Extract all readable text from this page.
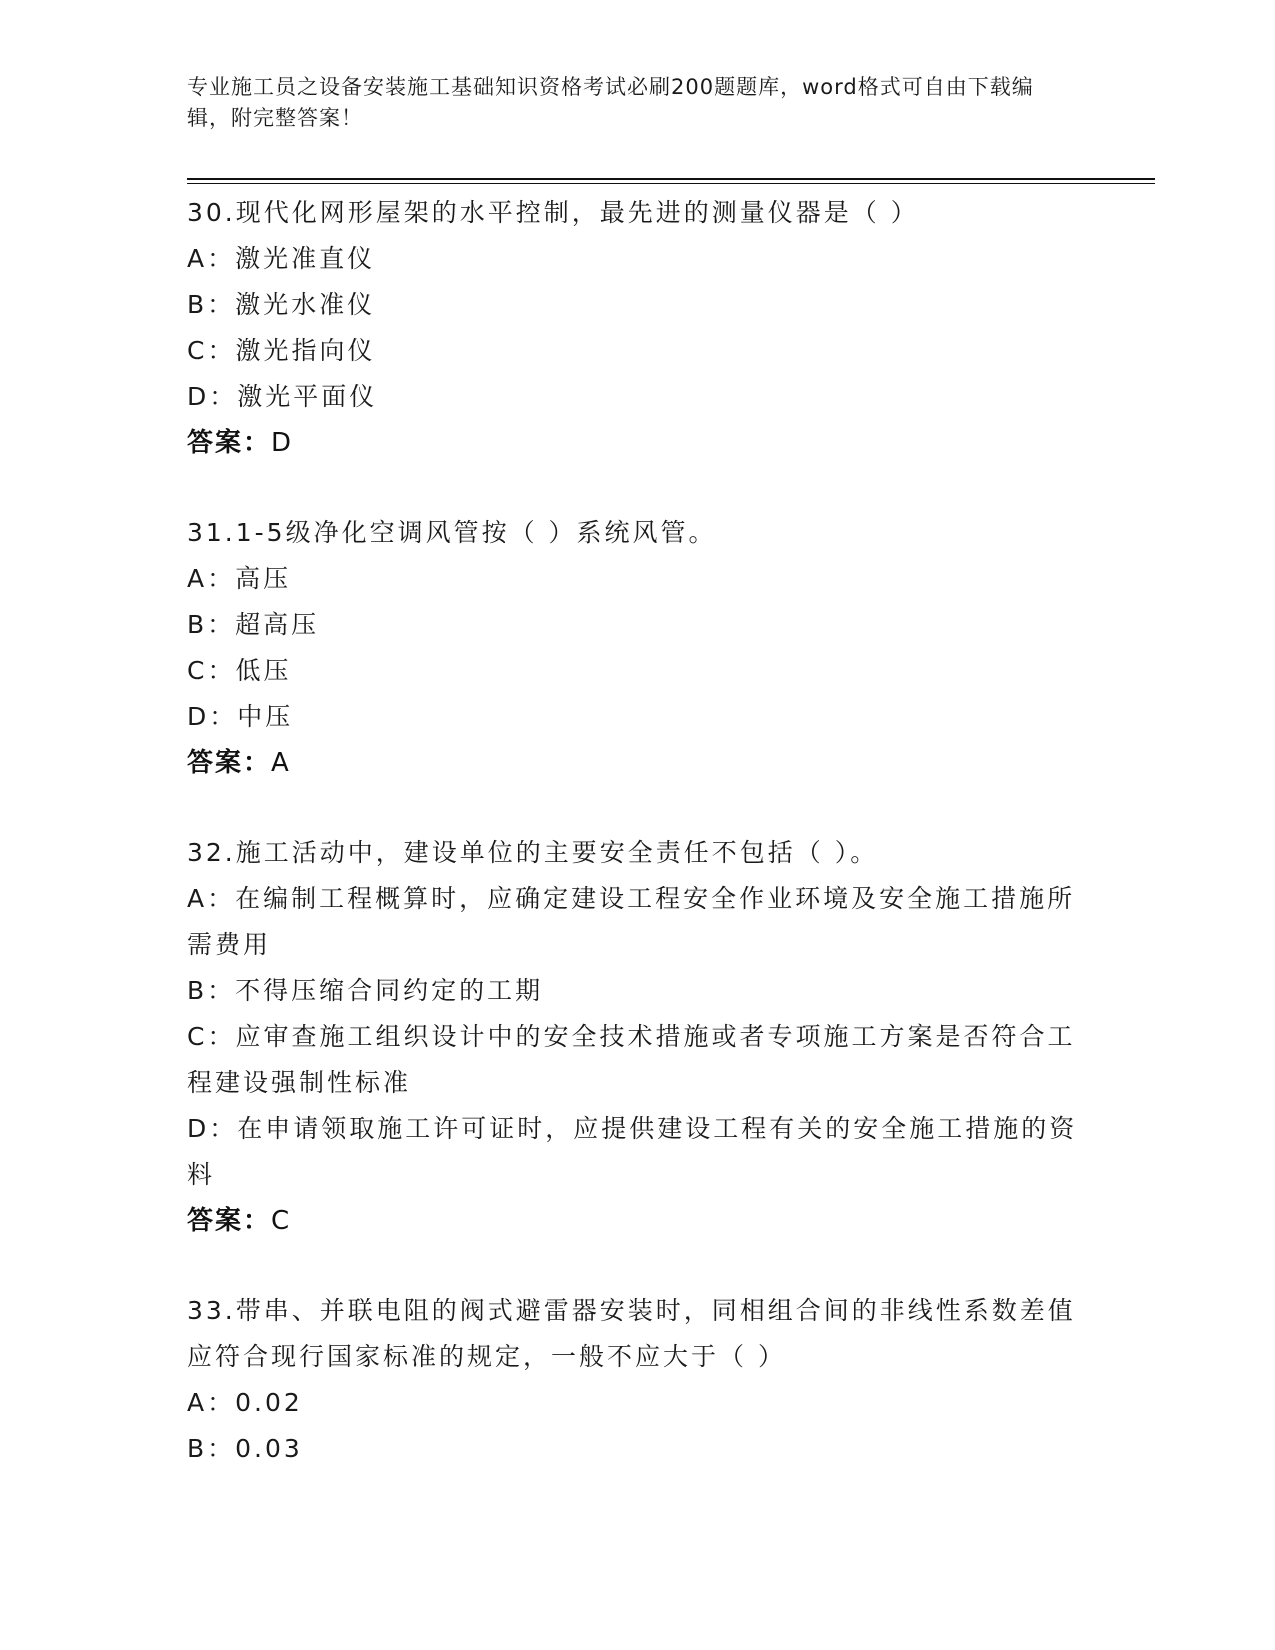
专业施工员之设备安装施工基础知识资格考试必刷200题题库，word格式可自由下载编辑，附完整答案！
30.现代化网形屋架的水平控制，最先进的测量仪器是（ ）
A：激光准直仪
B：激光水准仪
C：激光指向仪
D：激光平面仪
答案：D
31.1-5级净化空调风管按（ ）系统风管。
A：高压
B：超高压
C：低压
D：中压
答案：A
32.施工活动中，建设单位的主要安全责任不包括（ ）。
A：在编制工程概算时，应确定建设工程安全作业环境及安全施工措施所需费用
B：不得压缩合同约定的工期
C：应审查施工组织设计中的安全技术措施或者专项施工方案是否符合工程建设强制性标准
D：在申请领取施工许可证时，应提供建设工程有关的安全施工措施的资料
答案：C
33.带串、并联电阻的阀式避雷器安装时，同相组合间的非线性系数差值应符合现行国家标准的规定，一般不应大于（ ）
A：0.02
B：0.03
